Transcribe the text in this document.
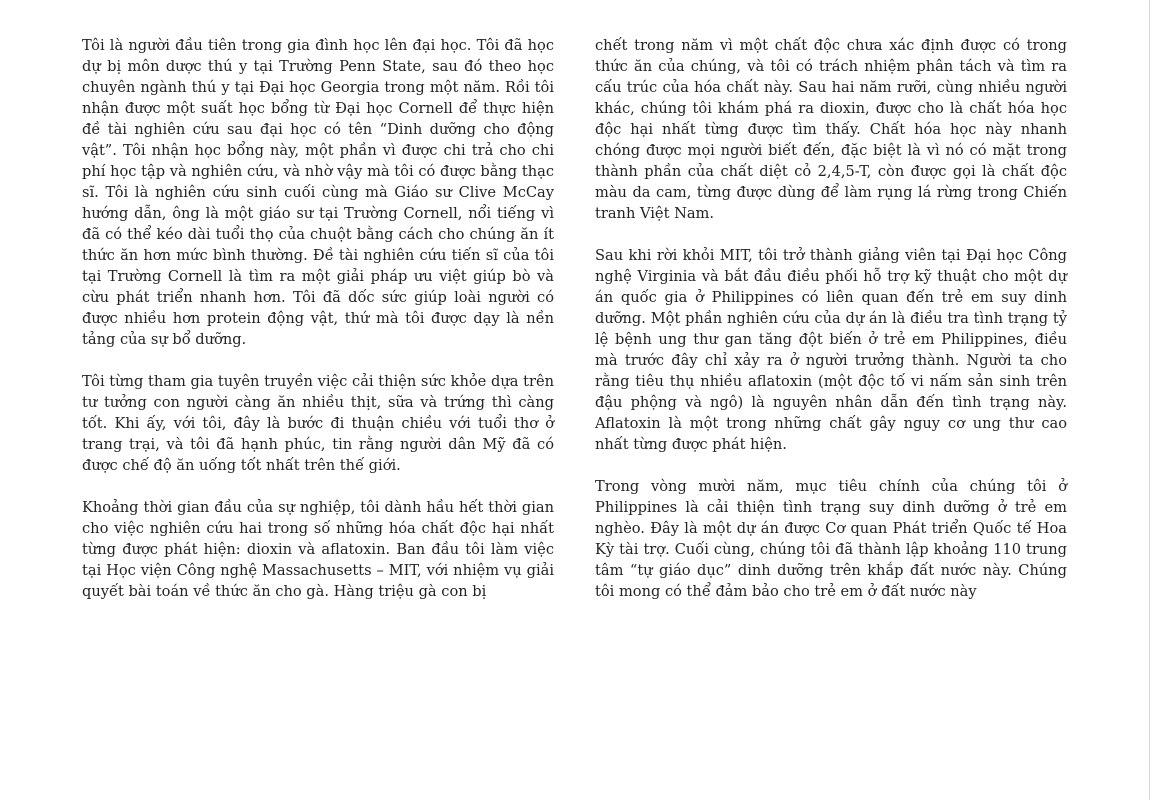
Tôi là người đầu tiên trong gia đình học lên đại học. Tôi đã học dự bị môn dược thú y tại Trường Penn State, sau đó theo học chuyên ngành thú y tại Đại học Georgia trong một năm. Rồi tôi nhận được một suất học bổng từ Đại học Cornell để thực hiện đề tài nghiên cứu sau đại học có tên “Dinh dưỡng cho động vật”. Tôi nhận học bổng này, một phần vì được chi trả cho chi phí học tập và nghiên cứu, và nhờ vậy mà tôi có được bằng thạc sĩ. Tôi là nghiên cứu sinh cuối cùng mà Giáo sư Clive McCay hướng dẫn, ông là một giáo sư tại Trường Cornell, nổi tiếng vì đã có thể kéo dài tuổi thọ của chuột bằng cách cho chúng ăn ít thức ăn hơn mức bình thường. Đề tài nghiên cứu tiến sĩ của tôi tại Trường Cornell là tìm ra một giải pháp ưu việt giúp bò và cừu phát triển nhanh hơn. Tôi đã dốc sức giúp loài người có được nhiều hơn protein động vật, thứ mà tôi được dạy là nền tảng của sự bổ dưỡng.

Tôi từng tham gia tuyên truyền việc cải thiện sức khỏe dựa trên tư tưởng con người càng ăn nhiều thịt, sữa và trứng thì càng tốt. Khi ấy, với tôi, đây là bước đi thuận chiều với tuổi thơ ở trang trại, và tôi đã hạnh phúc, tin rằng người dân Mỹ đã có được chế độ ăn uống tốt nhất trên thế giới.

Khoảng thời gian đầu của sự nghiệp, tôi dành hầu hết thời gian cho việc nghiên cứu hai trong số những hóa chất độc hại nhất từng được phát hiện: dioxin và aflatoxin. Ban đầu tôi làm việc tại Học viện Công nghệ Massachusetts – MIT, với nhiệm vụ giải quyết bài toán về thức ăn cho gà. Hàng triệu gà con bị

chết trong năm vì một chất độc chưa xác định được có trong thức ăn của chúng, và tôi có trách nhiệm phân tách và tìm ra cấu trúc của hóa chất này. Sau hai năm rưỡi, cùng nhiều người khác, chúng tôi khám phá ra dioxin, được cho là chất hóa học độc hại nhất từng được tìm thấy. Chất hóa học này nhanh chóng được mọi người biết đến, đặc biệt là vì nó có mặt trong thành phần của chất diệt cỏ 2,4,5-T, còn được gọi là chất độc màu da cam, từng được dùng để làm rụng lá rừng trong Chiến tranh Việt Nam.

Sau khi rời khỏi MIT, tôi trở thành giảng viên tại Đại học Công nghệ Virginia và bắt đầu điều phối hỗ trợ kỹ thuật cho một dự án quốc gia ở Philippines có liên quan đến trẻ em suy dinh dưỡng. Một phần nghiên cứu của dự án là điều tra tình trạng tỷ lệ bệnh ung thư gan tăng đột biến ở trẻ em Philippines, điều mà trước đây chỉ xảy ra ở người trưởng thành. Người ta cho rằng tiêu thụ nhiều aflatoxin (một độc tố vi nấm sản sinh trên đậu phộng và ngô) là nguyên nhân dẫn đến tình trạng này. Aflatoxin là một trong những chất gây nguy cơ ung thư cao nhất từng được phát hiện.

Trong vòng mười năm, mục tiêu chính của chúng tôi ở Philippines là cải thiện tình trạng suy dinh dưỡng ở trẻ em nghèo. Đây là một dự án được Cơ quan Phát triển Quốc tế Hoa Kỳ tài trợ. Cuối cùng, chúng tôi đã thành lập khoảng 110 trung tâm “tự giáo dục” dinh dưỡng trên khắp đất nước này. Chúng tôi mong có thể đảm bảo cho trẻ em ở đất nước này
